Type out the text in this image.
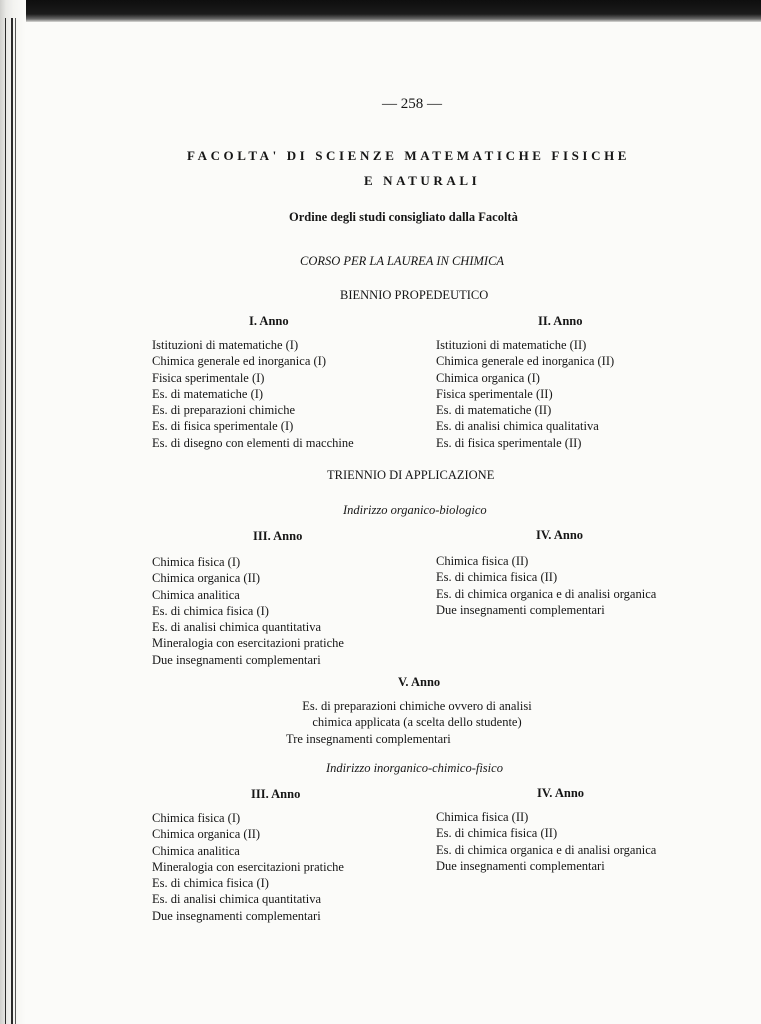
— 258 —
FACOLTA' DI SCIENZE MATEMATICHE FISICHE
E NATURALI
Ordine degli studi consigliato dalla Facoltà
CORSO PER LA LAUREA IN CHIMICA
BIENNIO PROPEDEUTICO
I. Anno	II. Anno
Istituzioni di matematiche (I)
Chimica generale ed inorganica (I)
Fisica sperimentale (I)
Es. di matematiche (I)
Es. di preparazioni chimiche
Es. di fisica sperimentale (I)
Es. di disegno con elementi di macchine
Istituzioni di matematiche (II)
Chimica generale ed inorganica (II)
Chimica organica (I)
Fisica sperimentale (II)
Es. di matematiche (II)
Es. di analisi chimica qualitativa
Es. di fisica sperimentale (II)
TRIENNIO DI APPLICAZIONE
Indirizzo organico-biologico
III. Anno	IV. Anno
Chimica fisica (I)
Chimica organica (II)
Chimica analitica
Es. di chimica fisica (I)
Es. di analisi chimica quantitativa
Mineralogia con esercitazioni pratiche
Due insegnamenti complementari
Chimica fisica (II)
Es. di chimica fisica (II)
Es. di chimica organica e di analisi organica
Due insegnamenti complementari
V. Anno
Es. di preparazioni chimiche ovvero di analisi
chimica applicata (a scelta dello studente)
Tre insegnamenti complementari
Indirizzo inorganico-chimico-fisico
III. Anno	IV. Anno
Chimica fisica (I)
Chimica organica (II)
Chimica analitica
Mineralogia con esercitazioni pratiche
Es. di chimica fisica (I)
Es. di analisi chimica quantitativa
Due insegnamenti complementari
Chimica fisica (II)
Es. di chimica fisica (II)
Es. di chimica organica e di analisi organica
Due insegnamenti complementari
